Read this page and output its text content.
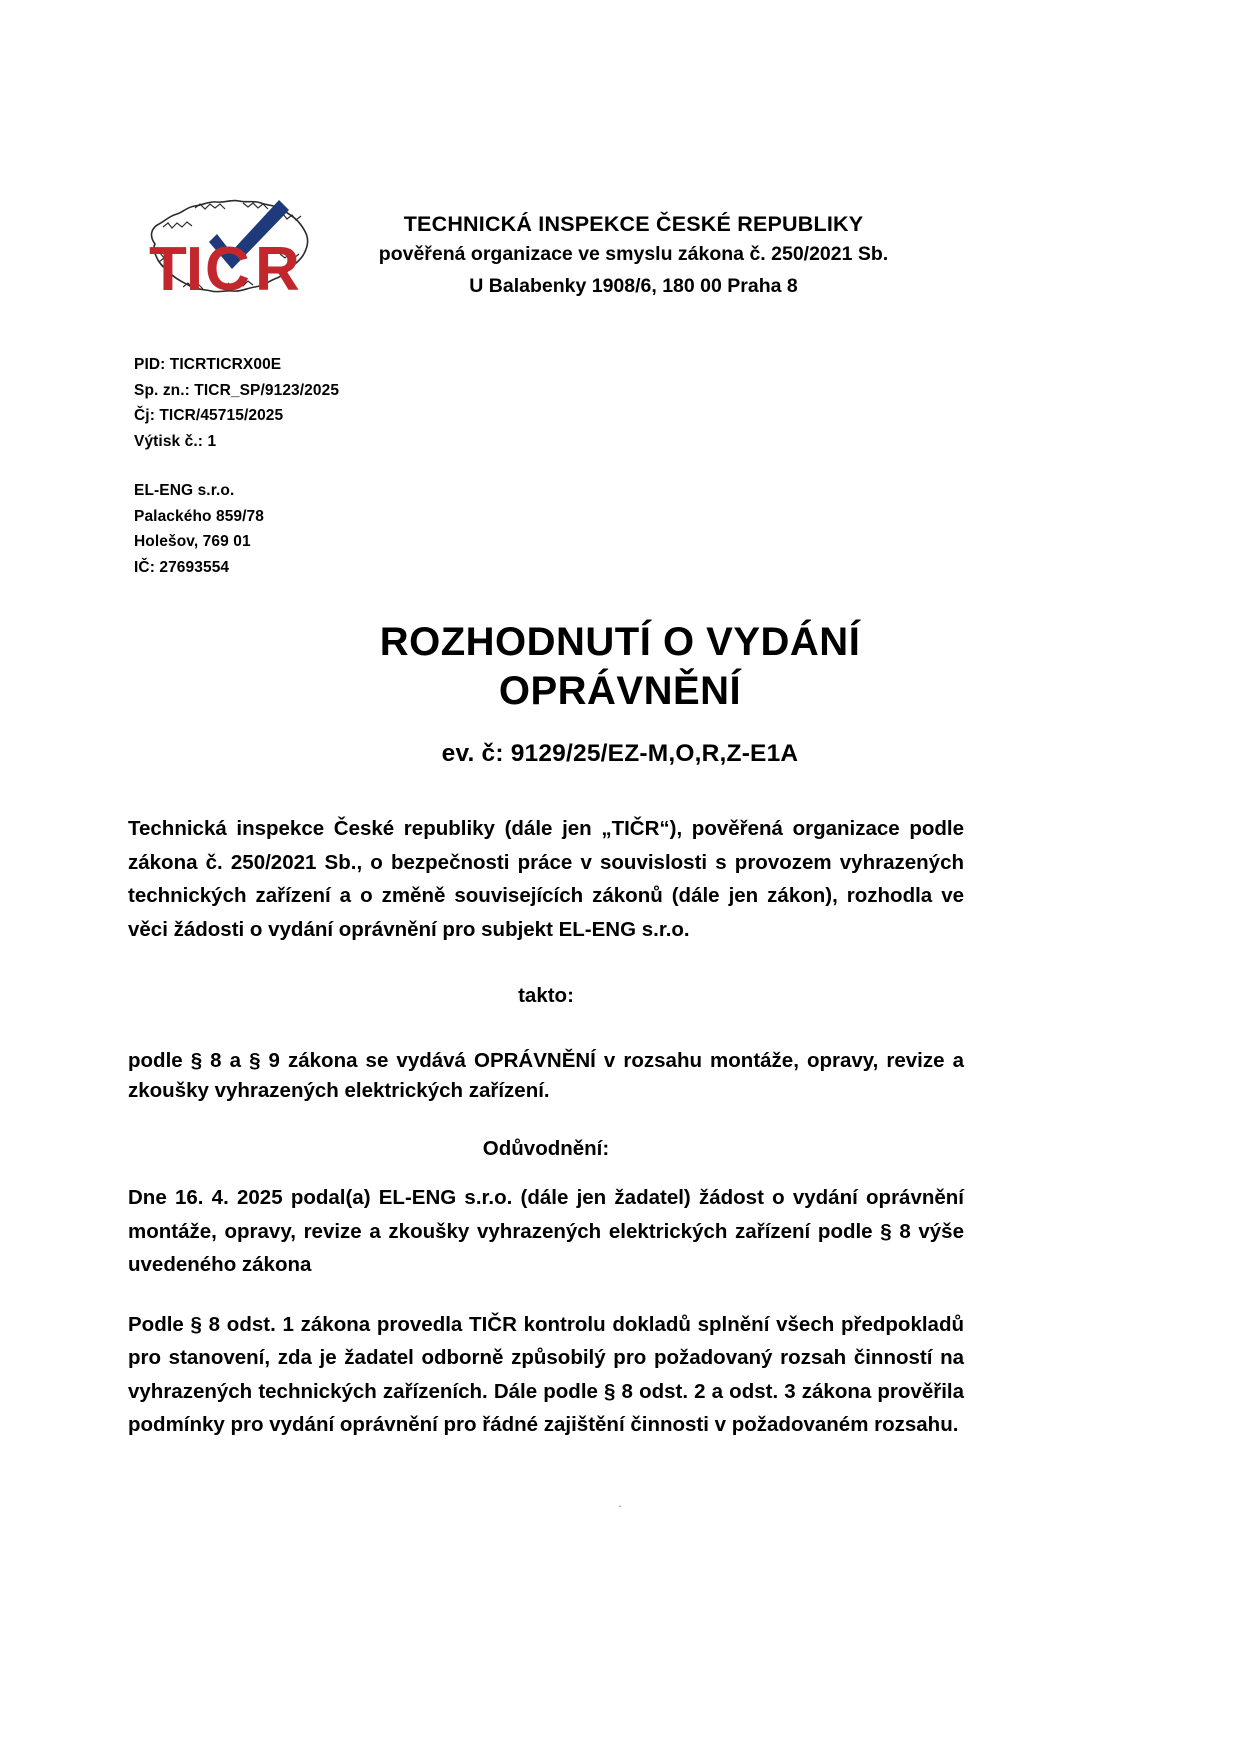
TI C R
TECHNICKÁ INSPEKCE ČESKÉ REPUBLIKY
pověřená organizace ve smyslu zákona č. 250/2021 Sb.
U Balabenky 1908/6, 180 00 Praha 8
PID: TICRTICRX00E
Sp. zn.: TICR_SP/9123/2025
Čj: TICR/45715/2025
Výtisk č.: 1
EL-ENG s.r.o.
Palackého 859/78
Holešov, 769 01
IČ: 27693554
ROZHODNUTÍ O VYDÁNÍ
OPRÁVNĚNÍ
ev. č: 9129/25/EZ-M,O,R,Z-E1A

Technická inspekce České republiky (dále jen „TIČR“), pověřená organizace podle zákona č. 250/2021 Sb., o bezpečnosti práce v souvislosti s provozem vyhrazených technických zařízení a o změně souvisejících zákonů (dále jen zákon), rozhodla ve věci žádosti o vydání oprávnění pro subjekt EL-ENG s.r.o.

takto:

podle § 8 a § 9 zákona se vydává OPRÁVNĚNÍ v rozsahu montáže, opravy, revize a zkoušky vyhrazených elektrických zařízení.

Odůvodnění:

Dne 16. 4. 2025 podal(a) EL-ENG s.r.o. (dále jen žadatel) žádost o vydání oprávnění montáže, opravy, revize a zkoušky vyhrazených elektrických zařízení podle § 8 výše uvedeného zákona

Podle § 8 odst. 1 zákona provedla TIČR kontrolu dokladů splnění všech předpokladů pro stanovení, zda je žadatel odborně způsobilý pro požadovaný rozsah činností na vyhrazených technických zařízeních. Dále podle § 8 odst. 2 a odst. 3 zákona prověřila podmínky pro vydání oprávnění pro řádné zajištění činnosti v požadovaném rozsahu.

·
